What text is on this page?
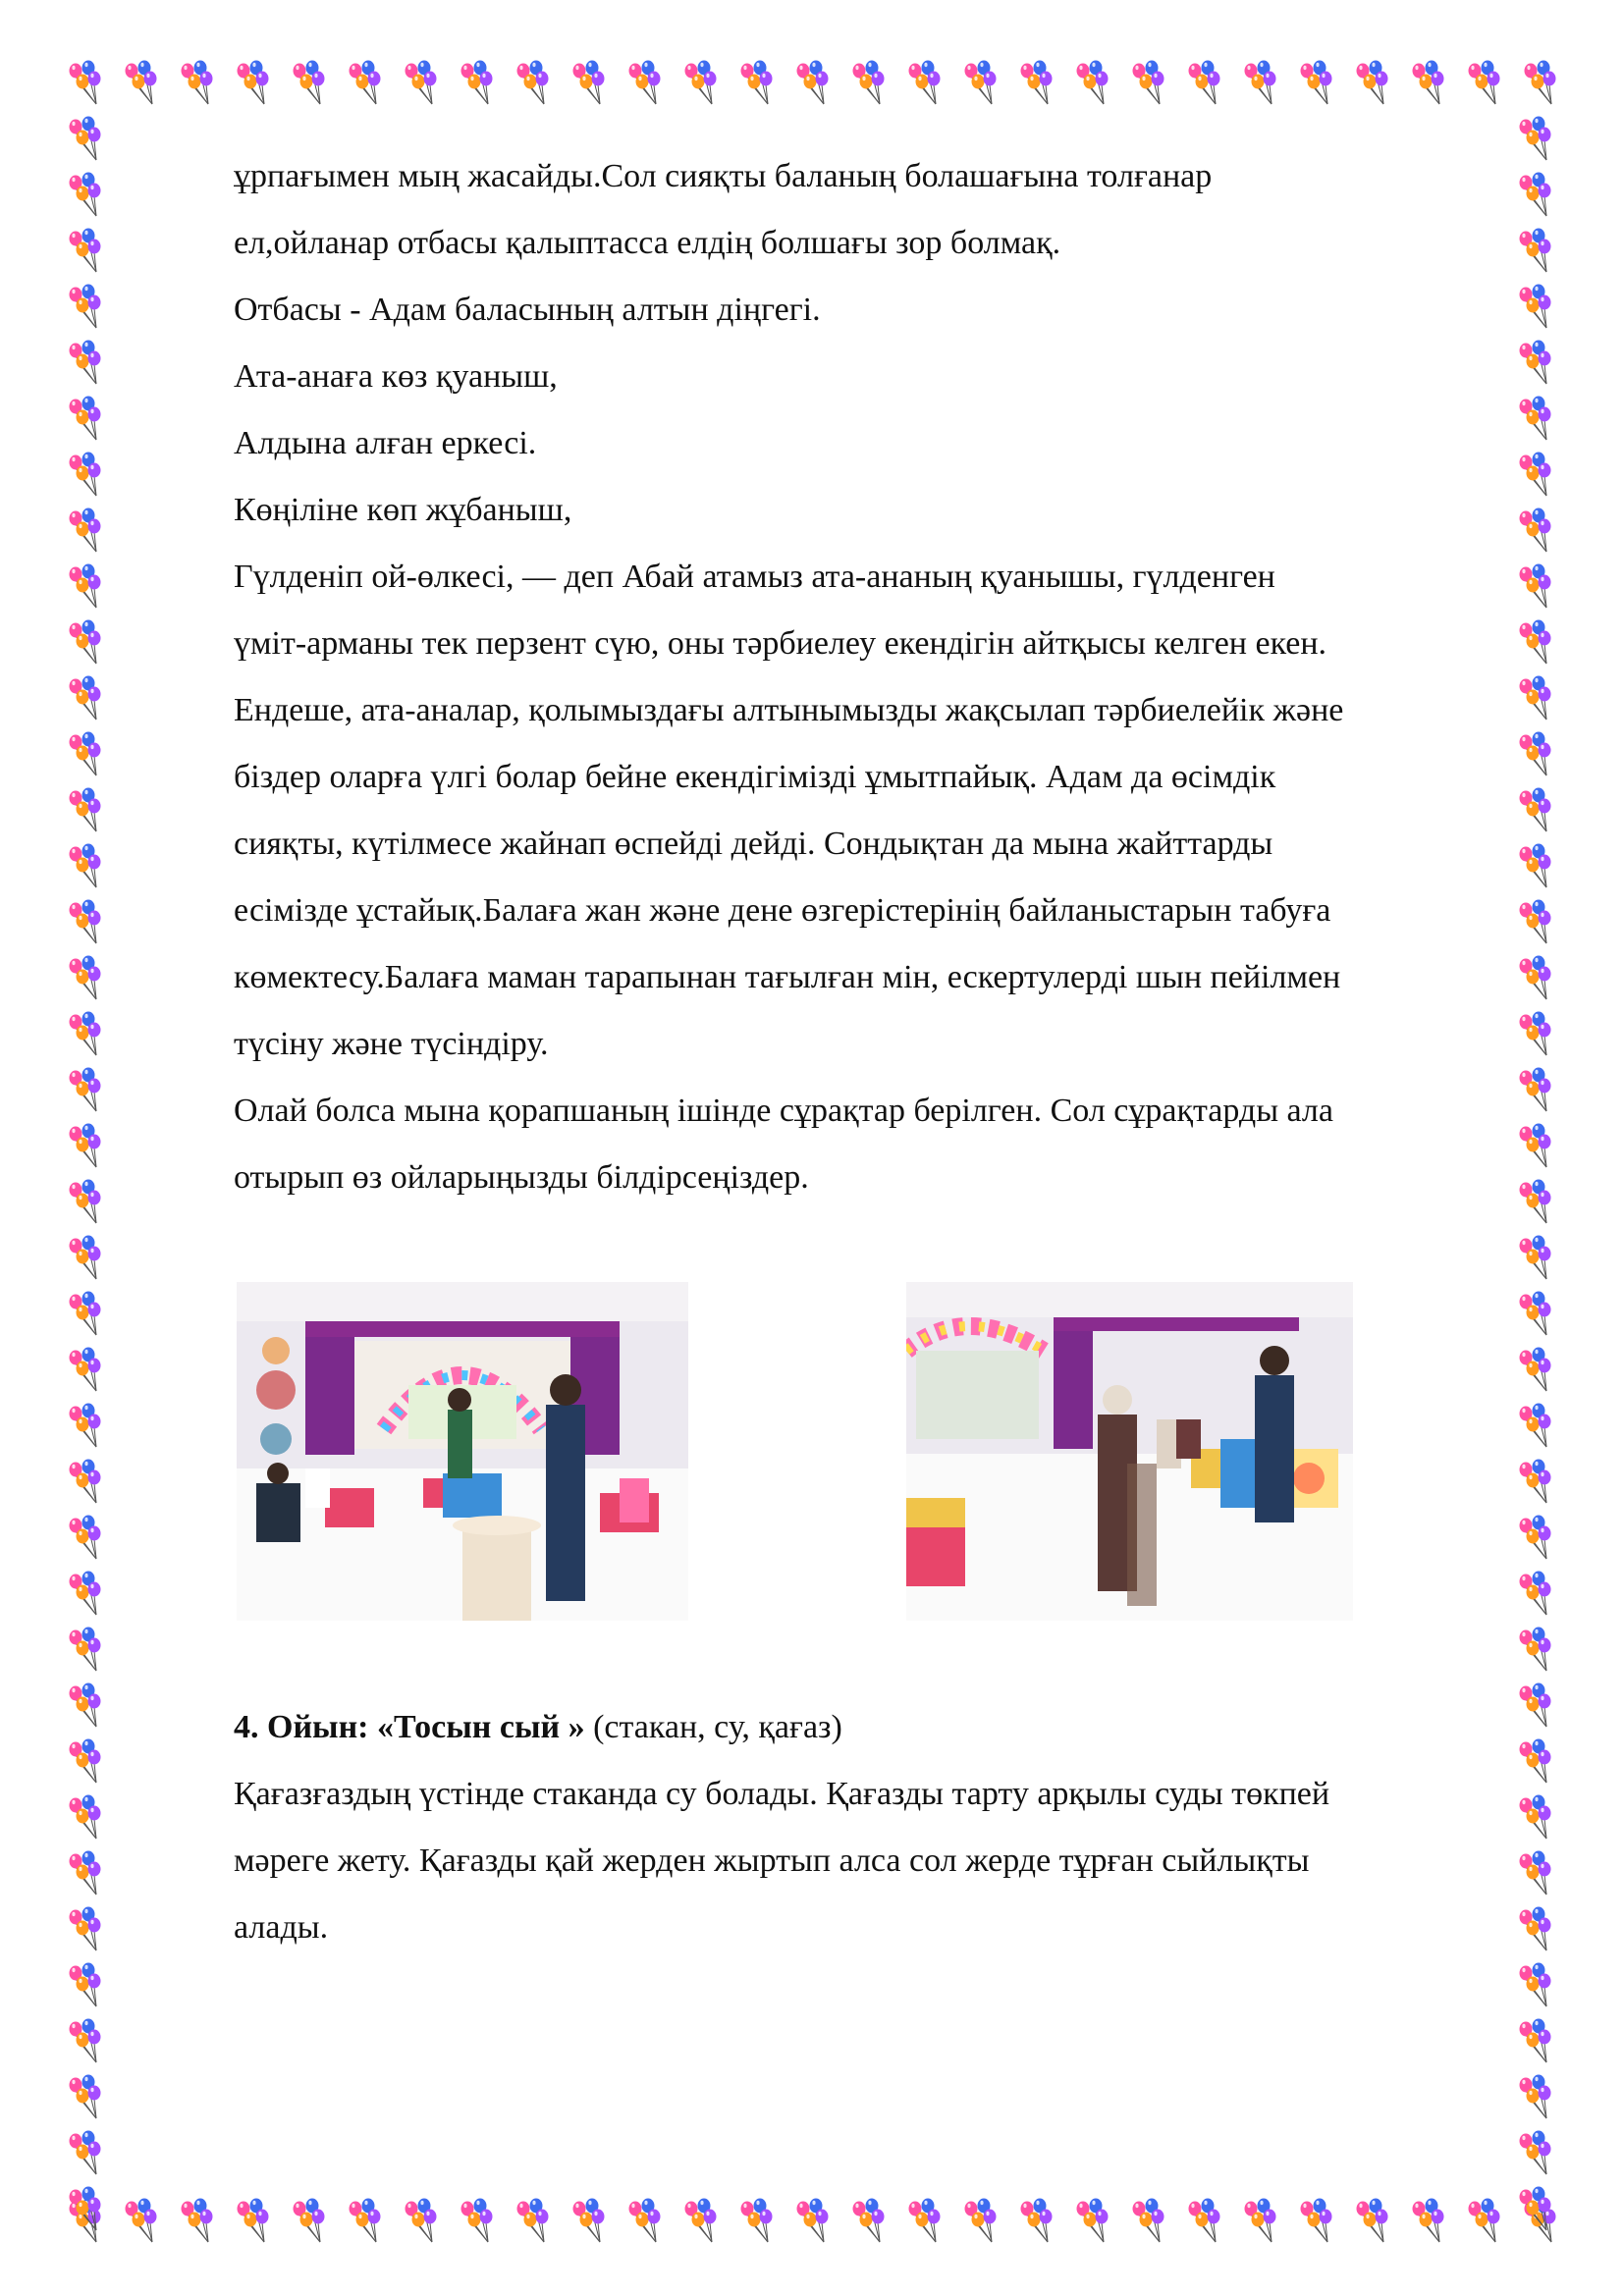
ұрпағымен мың жасайды.Сол сияқты баланың болашағына толғанар
ел,ойланар отбасы қалыптасса елдің болшағы зор болмақ.
Отбасы - Адам баласының алтын діңгегі.
Ата-анаға көз қуаныш,
Алдына алған еркесі.
Көңіліне көп жұбаныш,
Гүлденіп ой-өлкесі, — деп Абай атамыз ата-ананың қуанышы, гүлденген
үміт-арманы тек перзент сүю, оны тәрбиелеу екендігін айтқысы келген екен.
Ендеше, ата-аналар, қолымыздағы алтынымызды жақсылап тәрбиелейік және
біздер оларға үлгі болар бейне екендігімізді ұмытпайық. Адам да өсімдік
сияқты, күтілмесе жайнап өспейді дейді. Сондықтан да мына жайттарды
есімізде ұстайық.Балаға жан және дене өзгерістерінің байланыстарын табуға
көмектесу.Балаға маман тарапынан тағылған мін, ескертулерді шын пейілмен
түсіну және түсіндіру.
Олай болса мына қорапшаның ішінде сұрақтар берілген. Сол сұрақтарды ала
отырып өз ойларыңызды білдірсеңіздер.
4. Ойын: «Тосын сый » (стакан, су, қағаз)
Қағазғаздың үстінде стаканда су болады. Қағазды тарту арқылы суды төкпей
мәреге жету. Қағазды қай жерден жыртып алса сол жерде тұрған сыйлықты
алады.
